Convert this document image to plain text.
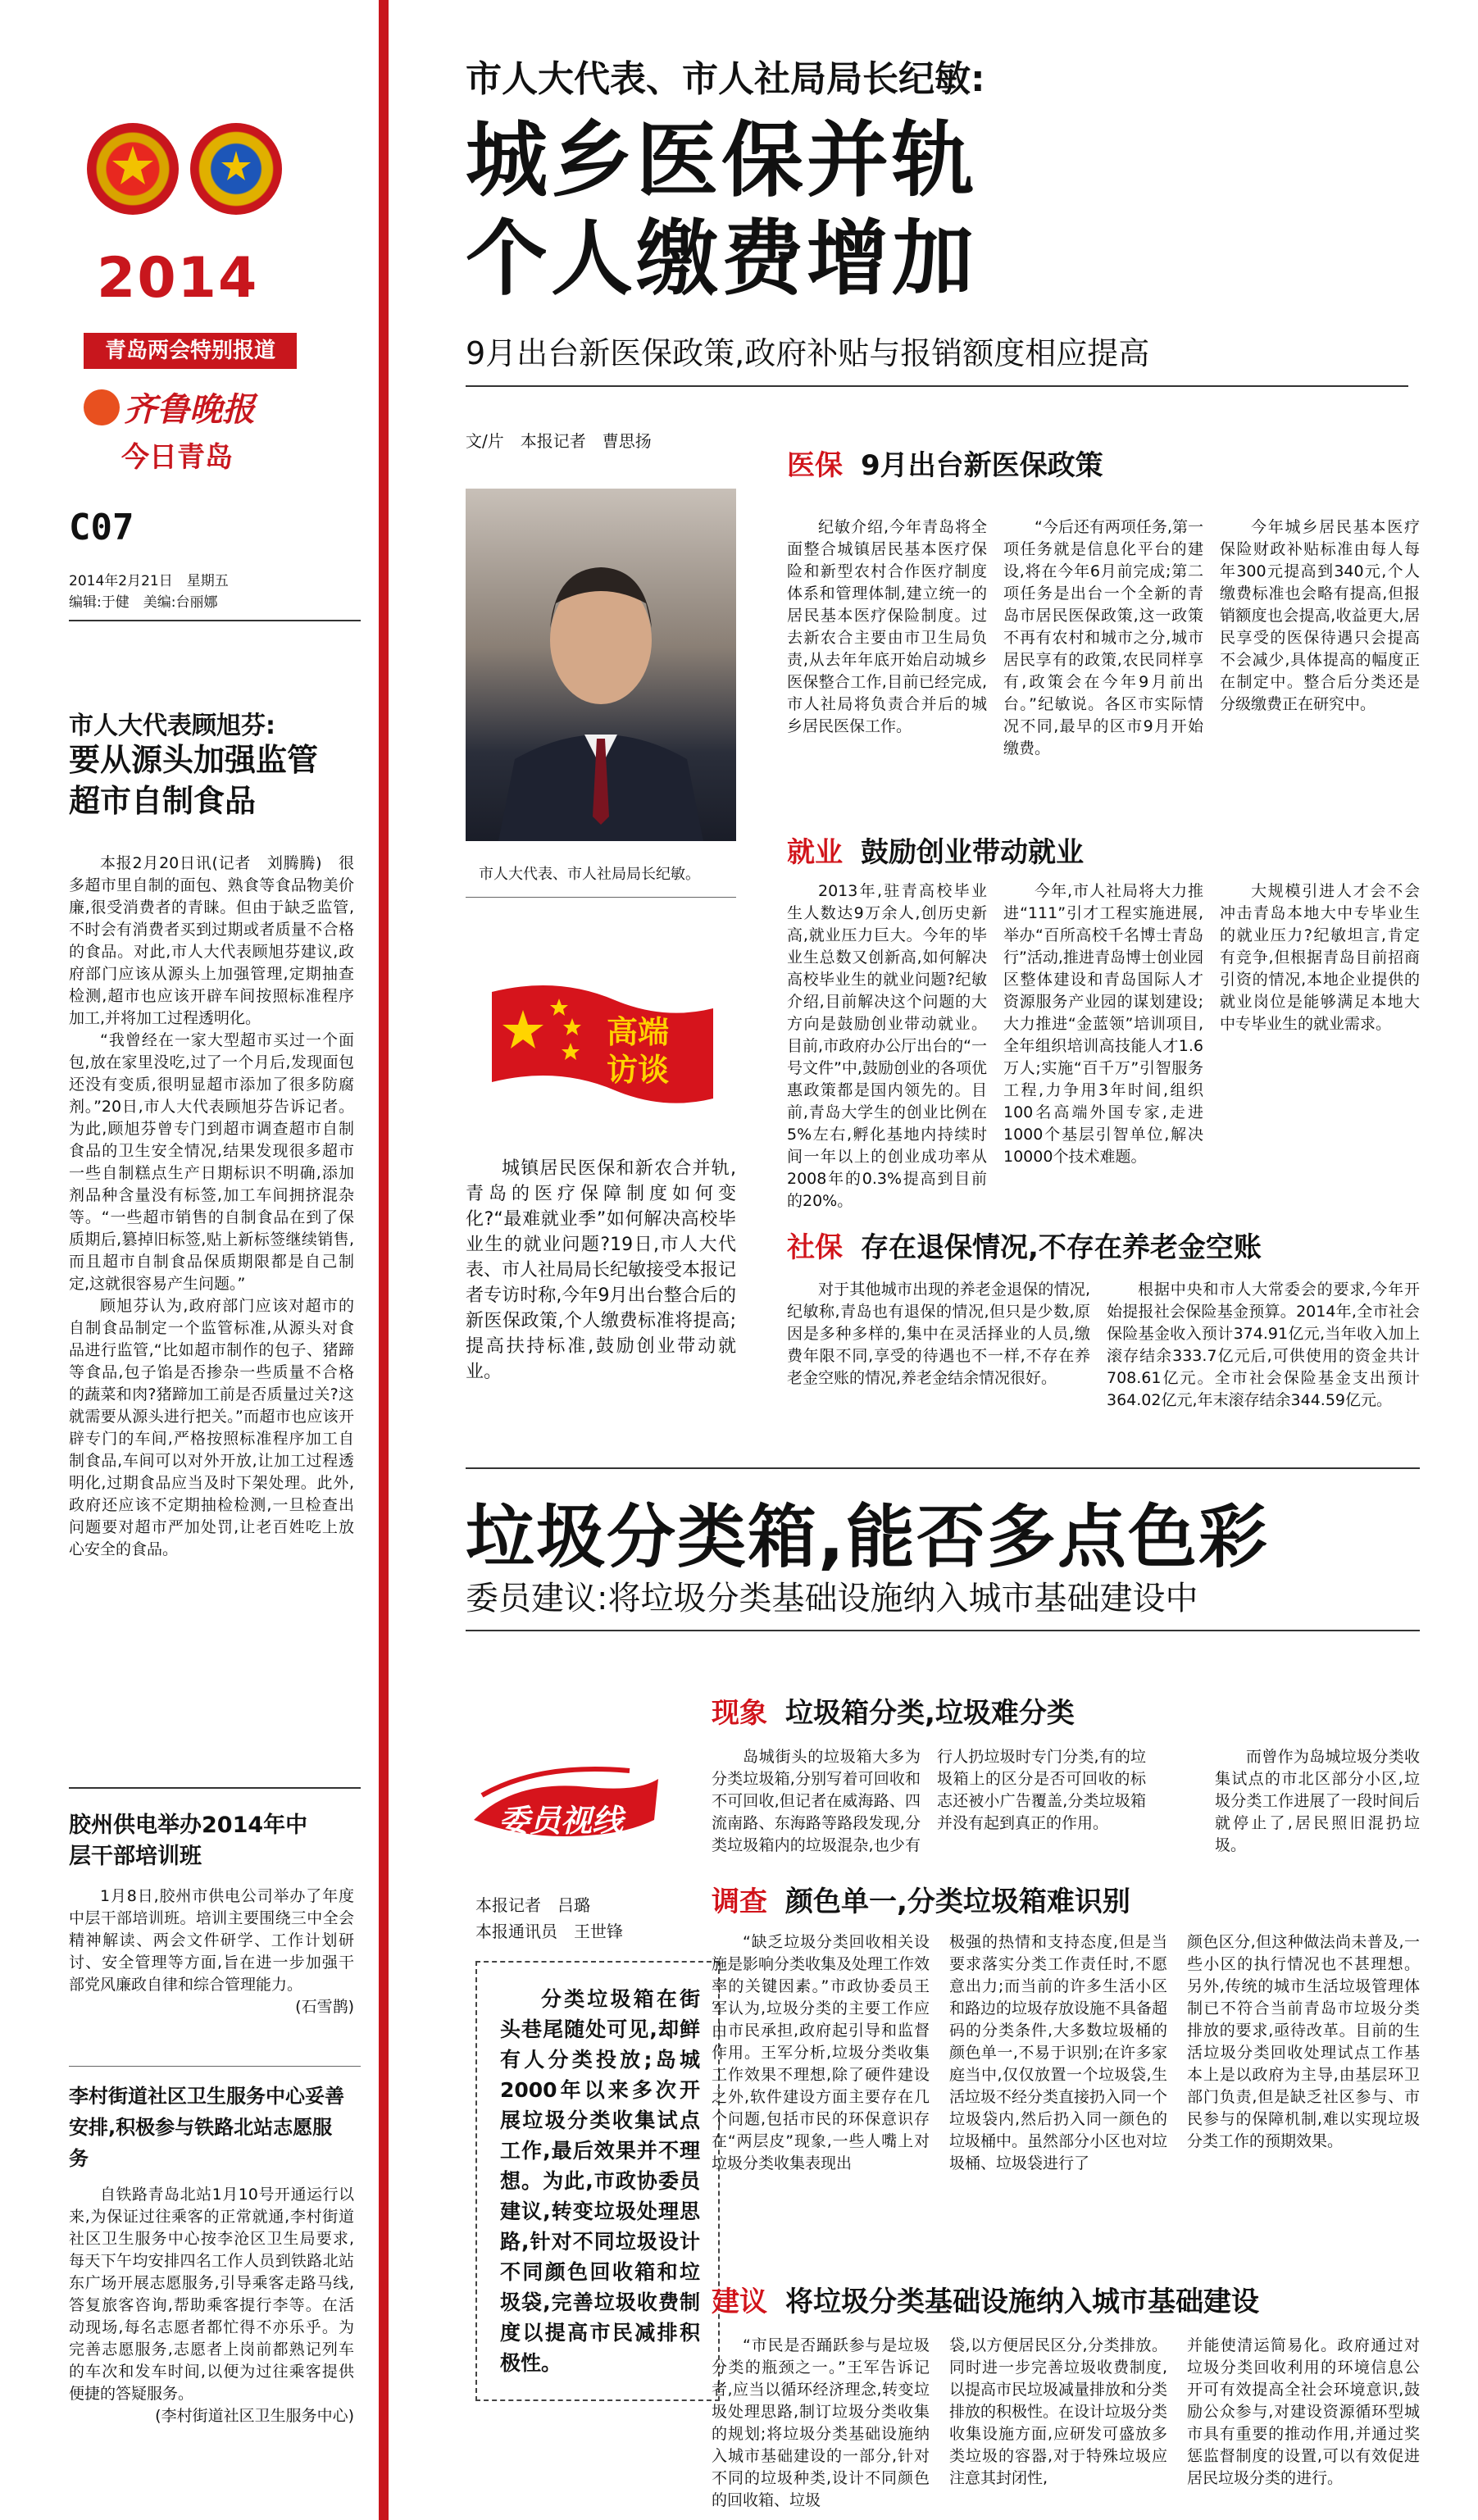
2014
青岛两会特别报道
齐鲁晚报
今日青岛
C07
2014年2月21日　星期五
编辑:于健　美编:台丽娜
市人大代表顾旭芬:
要从源头加强监管超市自制食品

本报2月20日讯(记者　刘腾腾)　很多超市里自制的面包、熟食等食品物美价廉,很受消费者的青睐。但由于缺乏监管,不时会有消费者买到过期或者质量不合格的食品。对此,市人大代表顾旭芬建议,政府部门应该从源头上加强管理,定期抽查检测,超市也应该开辟车间按照标准程序加工,并将加工过程透明化。

“我曾经在一家大型超市买过一个面包,放在家里没吃,过了一个月后,发现面包还没有变质,很明显超市添加了很多防腐剂。”20日,市人大代表顾旭芬告诉记者。为此,顾旭芬曾专门到超市调查超市自制食品的卫生安全情况,结果发现很多超市一些自制糕点生产日期标识不明确,添加剂品种含量没有标签,加工车间拥挤混杂等。“一些超市销售的自制食品在到了保质期后,篡掉旧标签,贴上新标签继续销售,而且超市自制食品保质期限都是自己制定,这就很容易产生问题。”

顾旭芬认为,政府部门应该对超市的自制食品制定一个监管标准,从源头对食品进行监管,“比如超市制作的包子、猪蹄等食品,包子馅是否掺杂一些质量不合格的蔬菜和肉?猪蹄加工前是否质量过关?这就需要从源头进行把关。”而超市也应该开辟专门的车间,严格按照标准程序加工自制食品,车间可以对外开放,让加工过程透明化,过期食品应当及时下架处理。此外,政府还应该不定期抽检检测,一旦检查出问题要对超市严加处罚,让老百姓吃上放心安全的食品。

胶州供电举办2014年中层干部培训班

1月8日,胶州市供电公司举办了年度中层干部培训班。培训主要围绕三中全会精神解读、两会文件研学、工作计划研讨、安全管理等方面,旨在进一步加强干部党风廉政自律和综合管理能力。

(石雪鹊)
李村街道社区卫生服务中心妥善安排,积极参与铁路北站志愿服务

自铁路青岛北站1月10号开通运行以来,为保证过往乘客的正常就通,李村街道社区卫生服务中心按李沧区卫生局要求,每天下午均安排四名工作人员到铁路北站东广场开展志愿服务,引导乘客走路马线,答复旅客咨询,帮助乘客提行李等。在活动现场,每名志愿者都忙得不亦乐乎。为完善志愿服务,志愿者上岗前都熟记列车的车次和发车时间,以便为过往乘客提供便捷的答疑服务。

(李村街道社区卫生服务中心)
市人大代表、市人社局局长纪敏:
城乡医保并轨
个人缴费增加
9月出台新医保政策,政府补贴与报销额度相应提高
文/片　本报记者　曹思扬
市人大代表、市人社局局长纪敏。
高端访谈
城镇居民医保和新农合并轨,青岛的医疗保障制度如何变化?“最难就业季”如何解决高校毕业生的就业问题?19日,市人大代表、市人社局局长纪敏接受本报记者专访时称,今年9月出台整合后的新医保政策,个人缴费标准将提高;提高扶持标准,鼓励创业带动就业。
医保 9月出台新医保政策

纪敏介绍,今年青岛将全面整合城镇居民基本医疗保险和新型农村合作医疗制度体系和管理体制,建立统一的居民基本医疗保险制度。过去新农合主要由市卫生局负责,从去年年底开始启动城乡医保整合工作,目前已经完成,市人社局将负责合并后的城乡居民医保工作。

“今后还有两项任务,第一项任务就是信息化平台的建设,将在今年6月前完成;第二项任务是出台一个全新的青岛市居民医保政策,这一政策不再有农村和城市之分,城市居民享有的政策,农民同样享有,政策会在今年9月前出台。”纪敏说。各区市实际情况不同,最早的区市9月开始缴费。

今年城乡居民基本医疗保险财政补贴标准由每人每年300元提高到340元,个人缴费标准也会略有提高,但报销额度也会提高,收益更大,居民享受的医保待遇只会提高不会减少,具体提高的幅度正在制定中。整合后分类还是分级缴费正在研究中。

就业 鼓励创业带动就业

2013年,驻青高校毕业生人数达9万余人,创历史新高,就业压力巨大。今年的毕业生总数又创新高,如何解决高校毕业生的就业问题?纪敏介绍,目前解决这个问题的大方向是鼓励创业带动就业。目前,市政府办公厅出台的“一号文件”中,鼓励创业的各项优惠政策都是国内领先的。目前,青岛大学生的创业比例在5%左右,孵化基地内持续时间一年以上的创业成功率从2008年的0.3%提高到目前的20%。

今年,市人社局将大力推进“111”引才工程实施进展,举办“百所高校千名博士青岛行”活动,推进青岛博士创业园区整体建设和青岛国际人才资源服务产业园的谋划建设;大力推进“金蓝领”培训项目,全年组织培训高技能人才1.6万人;实施“百千万”引智服务工程,力争用3年时间,组织100名高端外国专家,走进1000个基层引智单位,解决10000个技术难题。

大规模引进人才会不会冲击青岛本地大中专毕业生的就业压力?纪敏坦言,肯定有竞争,但根据青岛目前招商引资的情况,本地企业提供的就业岗位是能够满足本地大中专毕业生的就业需求。

社保 存在退保情况,不存在养老金空账

对于其他城市出现的养老金退保的情况,纪敏称,青岛也有退保的情况,但只是少数,原因是多种多样的,集中在灵活择业的人员,缴费年限不同,享受的待遇也不一样,不存在养老金空账的情况,养老金结余情况很好。

根据中央和市人大常委会的要求,今年开始提报社会保险基金预算。2014年,全市社会保险基金收入预计374.91亿元,当年收入加上滚存结余333.7亿元后,可供使用的资金共计708.61亿元。全市社会保险基金支出预计364.02亿元,年末滚存结余344.59亿元。

垃圾分类箱,能否多点色彩
委员建议:将垃圾分类基础设施纳入城市基础建设中
委员视线
本报记者　吕璐
本报通讯员　王世锋
分类垃圾箱在街头巷尾随处可见,却鲜有人分类投放;岛城2000年以来多次开展垃圾分类收集试点工作,最后效果并不理想。为此,市政协委员建议,转变垃圾处理思路,针对不同垃圾设计不同颜色回收箱和垃圾袋,完善垃圾收费制度以提高市民减排积极性。
现象 垃圾箱分类,垃圾难分类

岛城街头的垃圾箱大多为分类垃圾箱,分别写着可回收和不可回收,但记者在威海路、四流南路、东海路等路段发现,分类垃圾箱内的垃圾混杂,也少有行人扔垃圾时专门分类,有的垃圾箱上的区分是否可回收的标志还被小广告覆盖,分类垃圾箱并没有起到真正的作用。

而曾作为岛城垃圾分类收集试点的市北区部分小区,垃圾分类工作进展了一段时间后就停止了,居民照旧混扔垃圾。

调查 颜色单一,分类垃圾箱难识别

“缺乏垃圾分类回收相关设施是影响分类收集及处理工作效率的关键因素。”市政协委员王军认为,垃圾分类的主要工作应由市民承担,政府起引导和监督作用。王军分析,垃圾分类收集工作效果不理想,除了硬件建设之外,软件建设方面主要存在几个问题,包括市民的环保意识存在“两层皮”现象,一些人嘴上对垃圾分类收集表现出

极强的热情和支持态度,但是当要求落实分类工作责任时,不愿意出力;而当前的许多生活小区和路边的垃圾存放设施不具备超码的分类条件,大多数垃圾桶的颜色单一,不易于识别;在许多家庭当中,仅仅放置一个垃圾袋,生活垃圾不经分类直接扔入同一个垃圾袋内,然后扔入同一颜色的垃圾桶中。虽然部分小区也对垃圾桶、垃圾袋进行了

颜色区分,但这种做法尚未普及,一些小区的执行情况也不甚理想。另外,传统的城市生活垃圾管理体制已不符合当前青岛市垃圾分类排放的要求,亟待改革。目前的生活垃圾分类回收处理试点工作基本上是以政府为主导,由基层环卫部门负责,但是缺乏社区参与、市民参与的保障机制,难以实现垃圾分类工作的预期效果。

建议 将垃圾分类基础设施纳入城市基础建设

“市民是否踊跃参与是垃圾分类的瓶颈之一。”王军告诉记者,应当以循环经济理念,转变垃圾处理思路,制订垃圾分类收集的规划;将垃圾分类基础设施纳入城市基础建设的一部分,针对不同的垃圾种类,设计不同颜色的回收箱、垃圾

袋,以方便居民区分,分类排放。同时进一步完善垃圾收费制度,以提高市民垃圾减量排放和分类排放的积极性。在设计垃圾分类收集设施方面,应研发可盛放多类垃圾的容器,对于特殊垃圾应注意其封闭性,

并能使清运简易化。政府通过对垃圾分类回收利用的环境信息公开可有效提高全社会环境意识,鼓励公众参与,对建设资源循环型城市具有重要的推动作用,并通过奖惩监督制度的设置,可以有效促进居民垃圾分类的进行。
